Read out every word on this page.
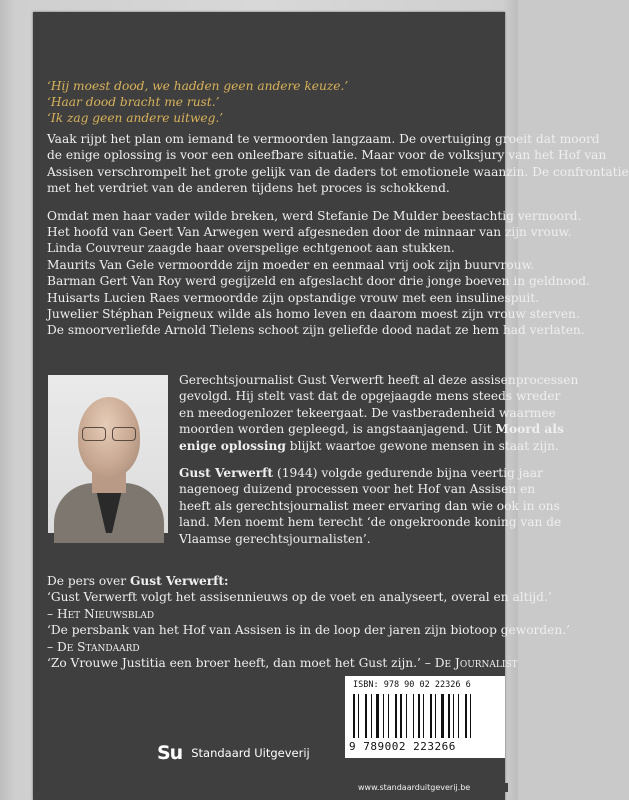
‘Hij moest dood, we hadden geen andere keuze.’
‘Haar dood bracht me rust.’
‘Ik zag geen andere uitweg.’
Vaak rijpt het plan om iemand te vermoorden langzaam. De overtuiging groeit dat moord
de enige oplossing is voor een onleefbare situatie. Maar voor de volksjury van het Hof van
Assisen verschrompelt het grote gelijk van de daders tot emotionele waanzin. De confrontatie
met het verdriet van de anderen tijdens het proces is schokkend.
Omdat men haar vader wilde breken, werd Stefanie De Mulder beestachtig vermoord.
Het hoofd van Geert Van Arwegen werd afgesneden door de minnaar van zijn vrouw.
Linda Couvreur zaagde haar overspelige echtgenoot aan stukken.
Maurits Van Gele vermoordde zijn moeder en eenmaal vrij ook zijn buurvrouw.
Barman Gert Van Roy werd gegijzeld en afgeslacht door drie jonge boeven in geldnood.
Huisarts Lucien Raes vermoordde zijn opstandige vrouw met een insulinespuit.
Juwelier Stéphan Peigneux wilde als homo leven en daarom moest zijn vrouw sterven.
De smoorverliefde Arnold Tielens schoot zijn geliefde dood nadat ze hem had verlaten.
Gerechtsjournalist Gust Verwerft heeft al deze assisenprocessen
gevolgd. Hij stelt vast dat de opgejaagde mens steeds wreder
en meedogenlozer tekeergaat. De vastberadenheid waarmee
moorden worden gepleegd, is angstaanjagend. Uit Moord als
enige oplossing blijkt waartoe gewone mensen in staat zijn.
Gust Verwerft (1944) volgde gedurende bijna veertig jaar
nagenoeg duizend processen voor het Hof van Assisen en
heeft als gerechtsjournalist meer ervaring dan wie ook in ons
land. Men noemt hem terecht ‘de ongekroonde koning van de
Vlaamse gerechtsjournalisten’.
De pers over Gust Verwerft:
‘Gust Verwerft volgt het assisennieuws op de voet en analyseert, overal en altijd.’
– Het Nieuwsblad
‘De persbank van het Hof van Assisen is in de loop der jaren zijn biotoop geworden.’
– De Standaard
‘Zo Vrouwe Justitia een broer heeft, dan moet het Gust zijn.’ – De Journalist
ISBN: 978 90 02 22326 6
9 789002 223266
Su Standaard Uitgeverij
www.standaarduitgeverij.be
